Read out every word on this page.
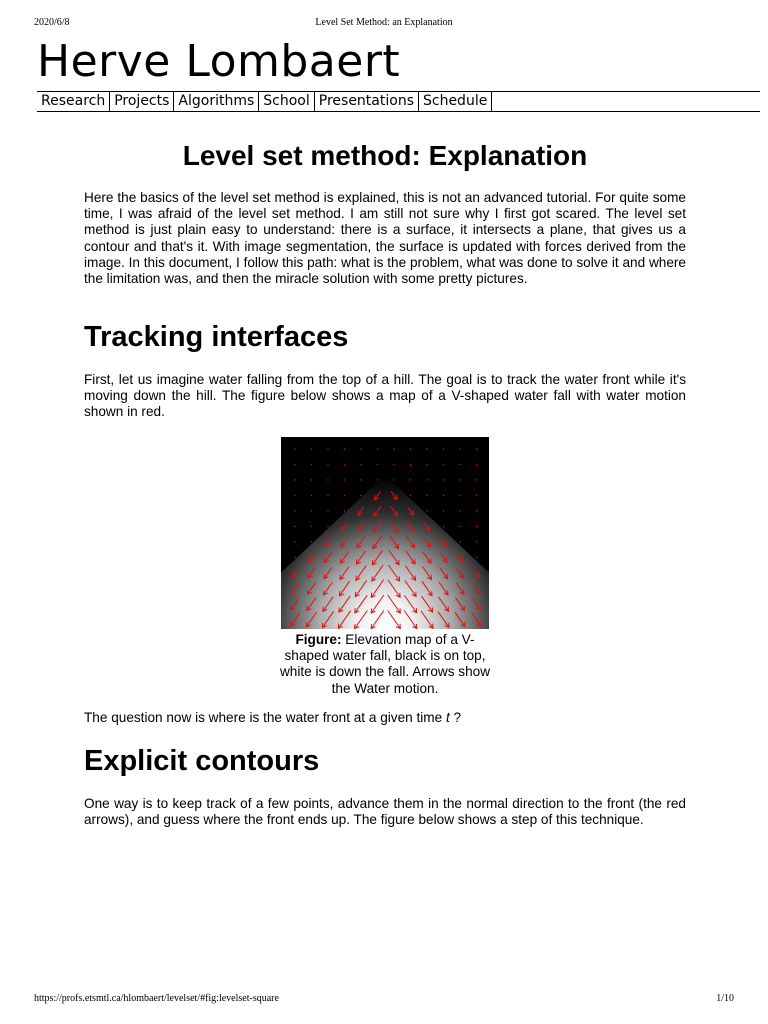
2020/6/8	Level Set Method: an Explanation
Herve Lombaert
Research Projects Algorithms School Presentations Schedule
Level set method: Explanation

Here the basics of the level set method is explained, this is not an advanced tutorial. For quite some time, I was afraid of the level set method. I am still not sure why I first got scared. The level set method is just plain easy to understand: there is a surface, it intersects a plane, that gives us a contour and that's it. With image segmentation, the surface is updated with forces derived from the image. In this document, I follow this path: what is the problem, what was done to solve it and where the limitation was, and then the miracle solution with some pretty pictures.

Tracking interfaces

First, let us imagine water falling from the top of a hill. The goal is to track the water front while it's moving down the hill. The figure below shows a map of a V-shaped water fall with water motion shown in red.

Figure: Elevation map of a V-shaped water fall, black is on top, white is down the fall. Arrows show the Water motion.

The question now is where is the water front at a given time t ?

Explicit contours

One way is to keep track of a few points, advance them in the normal direction to the front (the red arrows), and guess where the front ends up. The figure below shows a step of this technique.

https://profs.etsmtl.ca/hlombaert/levelset/#fig:levelset-square	1/10
